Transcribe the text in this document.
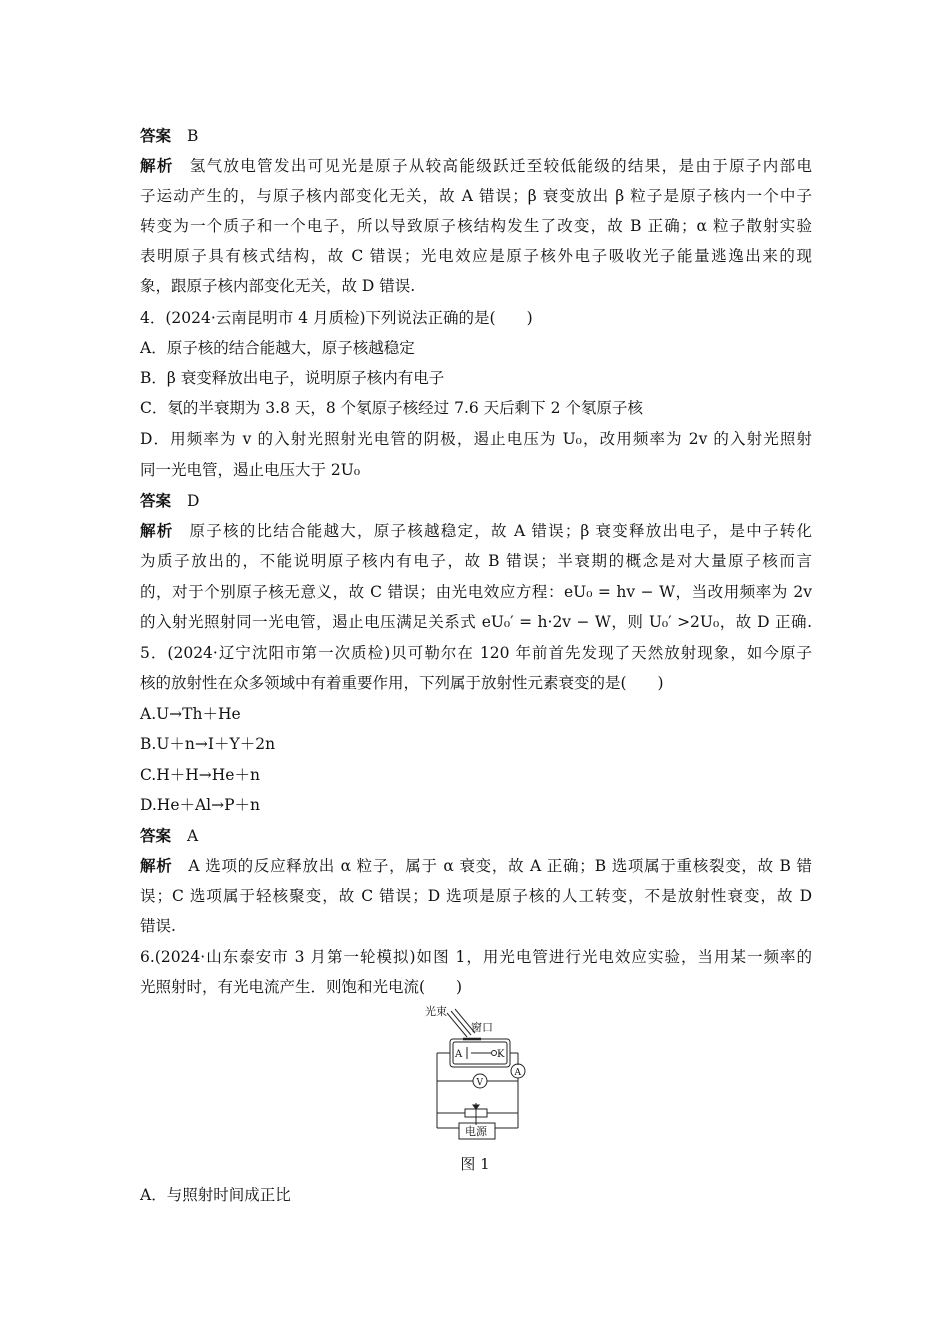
答案 B
解析 氢气放电管发出可见光是原子从较高能级跃迁至较低能级的结果，是由于原子内部电
子运动产生的，与原子核内部变化无关，故 A 错误；β 衰变放出 β 粒子是原子核内一个中子
转变为一个质子和一个电子，所以导致原子核结构发生了改变，故 B 正确；α 粒子散射实验
表明原子具有核式结构，故 C 错误；光电效应是原子核外电子吸收光子能量逃逸出来的现
象，跟原子核内部变化无关，故 D 错误.
4．(2024·云南昆明市 4 月质检)下列说法正确的是(　　)
A．原子核的结合能越大，原子核越稳定
B．β 衰变释放出电子，说明原子核内有电子
C．氡的半衰期为 3.8 天，8 个氡原子核经过 7.6 天后剩下 2 个氡原子核
D．用频率为 v 的入射光照射光电管的阴极，遏止电压为 U₀，改用频率为 2v 的入射光照射
同一光电管，遏止电压大于 2U₀
答案 D
解析 原子核的比结合能越大，原子核越稳定，故 A 错误；β 衰变释放出电子，是中子转化
为质子放出的，不能说明原子核内有电子，故 B 错误；半衰期的概念是对大量原子核而言
的，对于个别原子核无意义，故 C 错误；由光电效应方程：eU₀ = hv − W，当改用频率为 2v
的入射光照射同一光电管，遏止电压满足关系式 eU₀′ = h·2v − W，则 U₀′ >2U₀，故 D 正确.
5．(2024·辽宁沈阳市第一次质检)贝可勒尔在 120 年前首先发现了天然放射现象，如今原子
核的放射性在众多领域中有着重要作用，下列属于放射性元素衰变的是(　　)
A.U→Th＋He
B.U＋n→I＋Y＋2n
C.H＋H→He＋n
D.He＋Al→P＋n
答案 A
解析 A 选项的反应释放出 α 粒子，属于 α 衰变，故 A 正确；B 选项属于重核裂变，故 B 错
误；C 选项属于轻核聚变，故 C 错误；D 选项是原子核的人工转变，不是放射性衰变，故 D
错误.
6.(2024·山东泰安市 3 月第一轮模拟)如图 1，用光电管进行光电效应实验，当用某一频率的
光照射时，有光电流产生．则饱和光电流(　　)
光束
窗口
A	K
V
A
电源
图 1
A．与照射时间成正比
